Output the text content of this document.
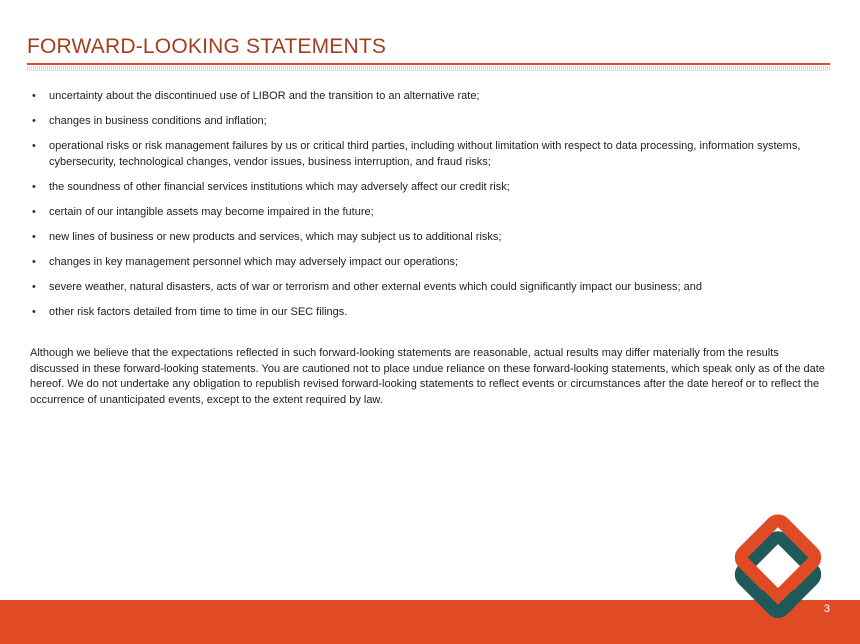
FORWARD-LOOKING STATEMENTS
• uncertainty about the discontinued use of LIBOR and the transition to an alternative rate;
• changes in business conditions and inflation;
• operational risks or risk management failures by us or critical third parties, including without limitation with respect to data processing, information systems, cybersecurity, technological changes, vendor issues, business interruption, and fraud risks;
• the soundness of other financial services institutions which may adversely affect our credit risk;
• certain of our intangible assets may become impaired in the future;
• new lines of business or new products and services, which may subject us to additional risks;
• changes in key management personnel which may adversely impact our operations;
• severe weather, natural disasters, acts of war or terrorism and other external events which could significantly impact our business; and
• other risk factors detailed from time to time in our SEC filings.

Although we believe that the expectations reflected in such forward-looking statements are reasonable, actual results may differ materially from the results discussed in these forward-looking statements. You are cautioned not to place undue reliance on these forward-looking statements, which speak only as of the date hereof. We do not undertake any obligation to republish revised forward-looking statements to reflect events or circumstances after the date hereof or to reflect the occurrence of unanticipated events, except to the extent required by law.

3
